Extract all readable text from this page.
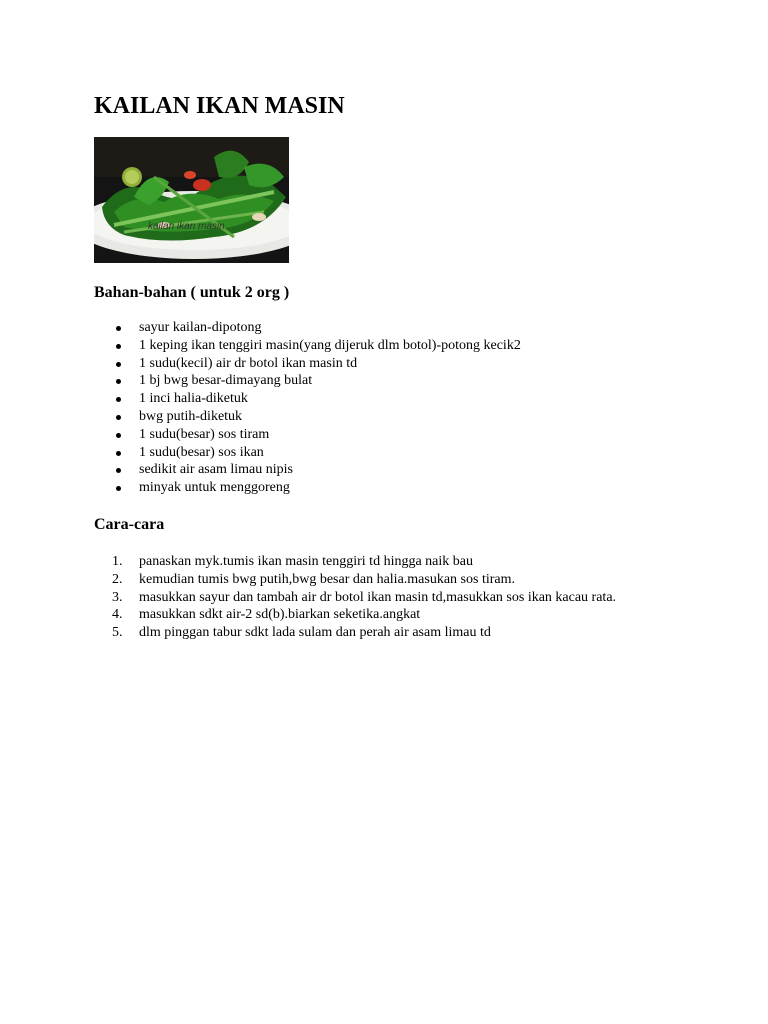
KAILAN IKAN MASIN
kailan ikan masin
Bahan-bahan ( untuk 2 org )
sayur kailan-dipotong
1 keping ikan tenggiri masin(yang dijeruk dlm botol)-potong kecik2
1 sudu(kecil) air dr botol ikan masin td
1 bj bwg besar-dimayang bulat
1 inci halia-diketuk
bwg putih-diketuk
1 sudu(besar) sos tiram
1 sudu(besar) sos ikan
sedikit air asam limau nipis
minyak untuk menggoreng
Cara-cara
1. panaskan myk.tumis ikan masin tenggiri td hingga naik bau
2. kemudian tumis bwg putih,bwg besar dan halia.masukan sos tiram.
3. masukkan sayur dan tambah air dr botol ikan masin td,masukkan sos ikan kacau rata.
4. masukkan sdkt air-2 sd(b).biarkan seketika.angkat
5. dlm pinggan tabur sdkt lada sulam dan perah air asam limau td
